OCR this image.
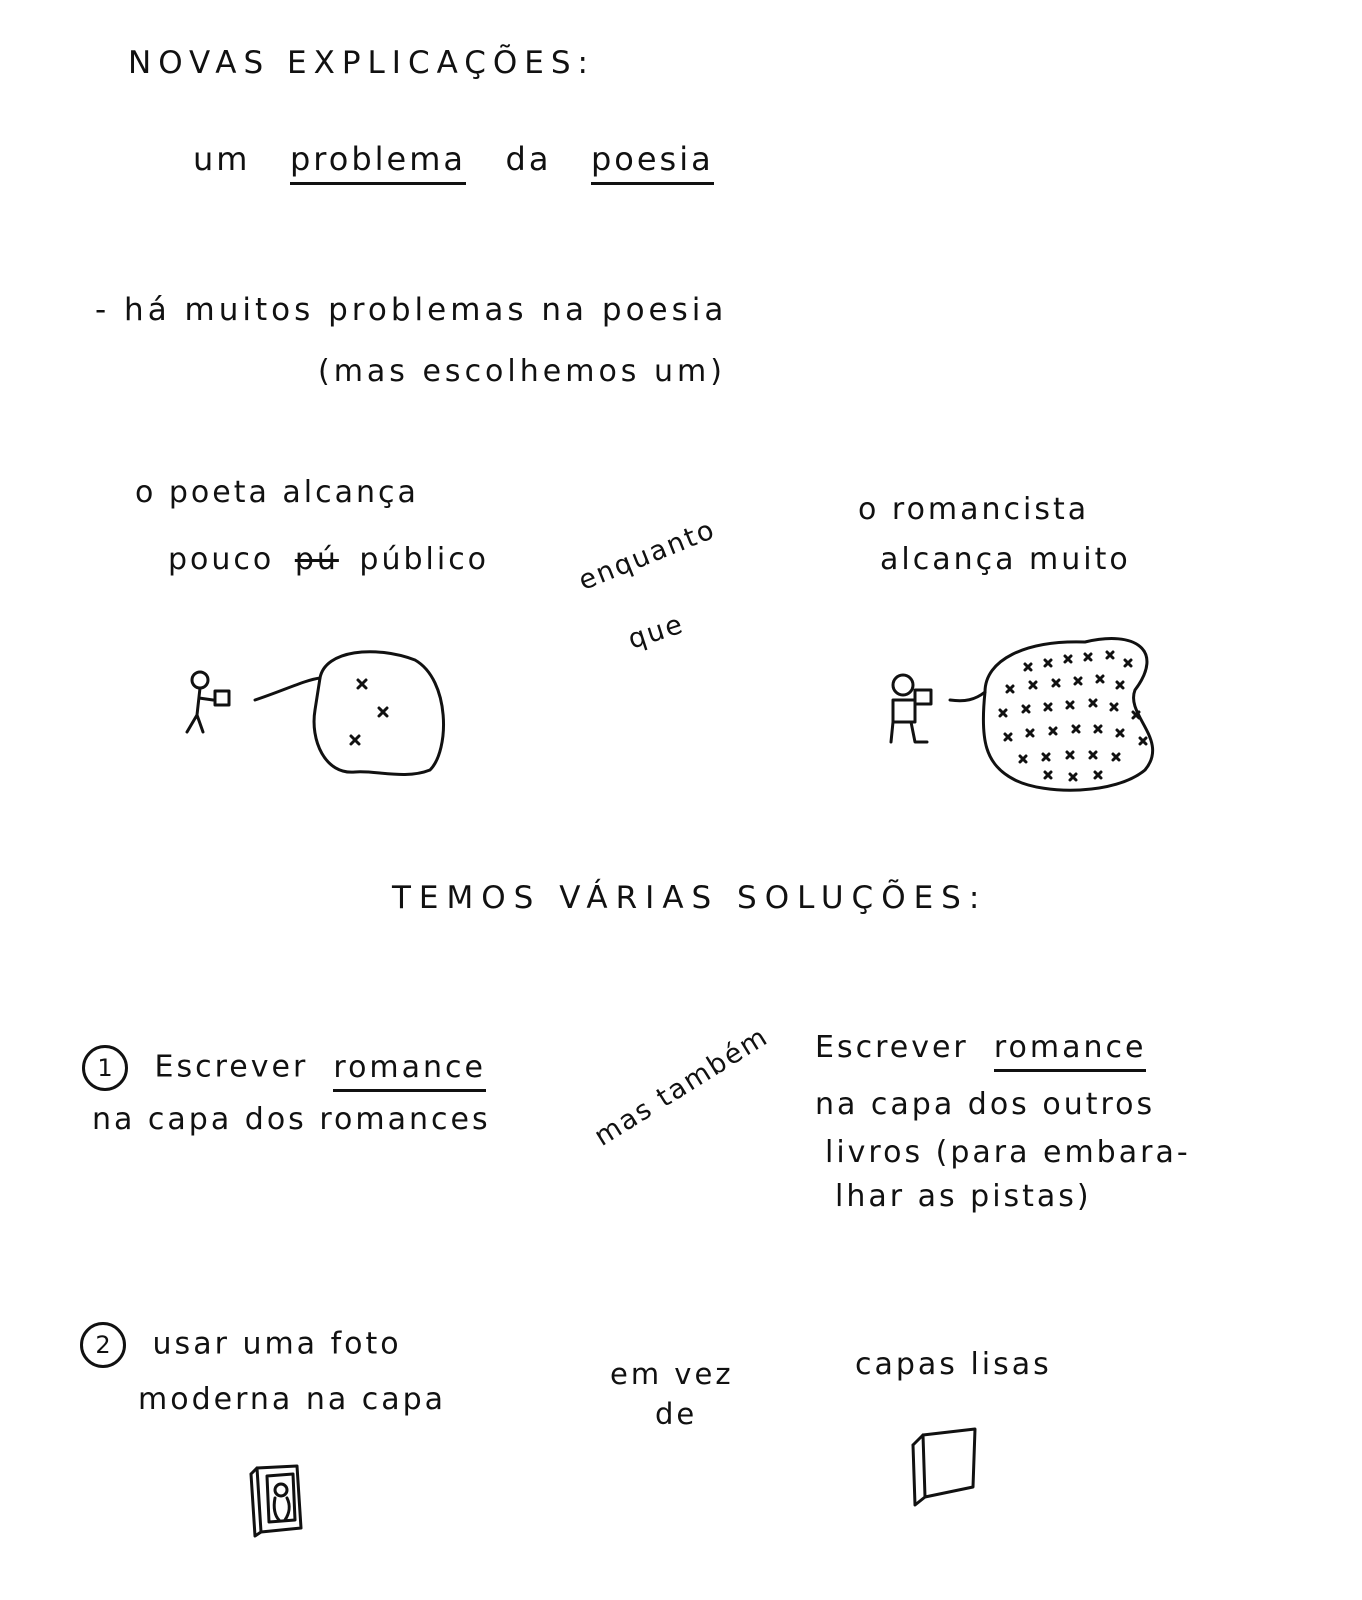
NOVAS EXPLICAÇÕES:
um problema da poesia
- há muitos problemas na poesia
(mas escolhemos um)
o poeta alcança
pouco pú público	enquanto
que
o romancista
alcança muito
TEMOS VÁRIAS SOLUÇÕES:
1 Escrever romance
na capa dos romances	mas também Escrever romance
na capa dos outros
livros (para embara-
lhar as pistas)
2 usar uma foto
moderna na capa
em vez
de
capas lisas
